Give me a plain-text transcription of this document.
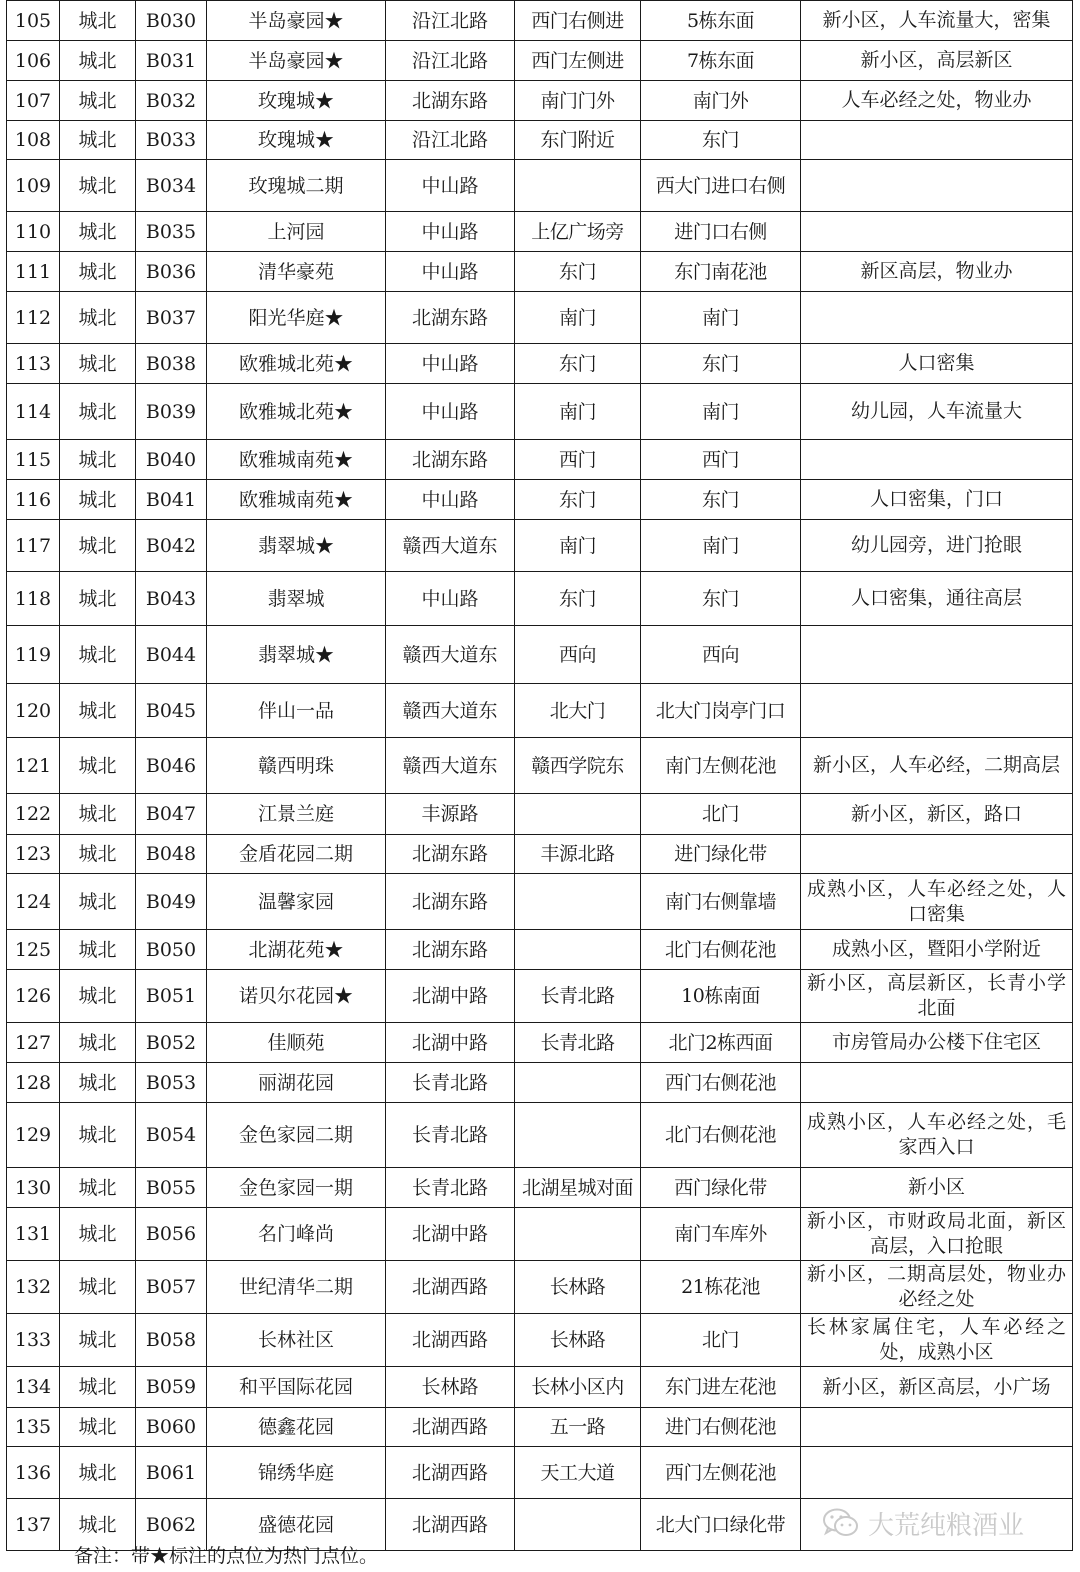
105	城北	B030	半岛豪园★	沿江北路	西门右侧进	5栋东面	新小区，人车流量大，密集
106	城北	B031	半岛豪园★	沿江北路	西门左侧进	7栋东面	新小区，高层新区
107	城北	B032	玫瑰城★	北湖东路	南门门外	南门外	人车必经之处，物业办
108	城北	B033	玫瑰城★	沿江北路	东门附近	东门	
109	城北	B034	玫瑰城二期	中山路		西大门进口右侧	
110	城北	B035	上河园	中山路	上亿广场旁	进门口右侧	
111	城北	B036	清华豪苑	中山路	东门	东门南花池	新区高层，物业办
112	城北	B037	阳光华庭★	北湖东路	南门	南门	
113	城北	B038	欧雅城北苑★	中山路	东门	东门	人口密集
114	城北	B039	欧雅城北苑★	中山路	南门	南门	幼儿园，人车流量大
115	城北	B040	欧雅城南苑★	北湖东路	西门	西门	
116	城北	B041	欧雅城南苑★	中山路	东门	东门	人口密集，门口
117	城北	B042	翡翠城★	赣西大道东	南门	南门	幼儿园旁，进门抢眼
118	城北	B043	翡翠城	中山路	东门	东门	人口密集，通往高层
119	城北	B044	翡翠城★	赣西大道东	西向	西向	
120	城北	B045	伴山一品	赣西大道东	北大门	北大门岗亭门口	
121	城北	B046	赣西明珠	赣西大道东	赣西学院东	南门左侧花池	新小区，人车必经，二期高层
122	城北	B047	江景兰庭	丰源路		北门	新小区，新区，路口
123	城北	B048	金盾花园二期	北湖东路	丰源北路	进门绿化带	
124	城北	B049	温馨家园	北湖东路		南门右侧靠墙	成熟小区，人车必经之处，人口密集
125	城北	B050	北湖花苑★	北湖东路		北门右侧花池	成熟小区，暨阳小学附近
126	城北	B051	诺贝尔花园★	北湖中路	长青北路	10栋南面	新小区，高层新区，长青小学北面
127	城北	B052	佳顺苑	北湖中路	长青北路	北门2栋西面	市房管局办公楼下住宅区
128	城北	B053	丽湖花园	长青北路		西门右侧花池	
129	城北	B054	金色家园二期	长青北路		北门右侧花池	成熟小区，人车必经之处，毛家西入口
130	城北	B055	金色家园一期	长青北路	北湖星城对面	西门绿化带	新小区
131	城北	B056	名门峰尚	北湖中路		南门车库外	新小区，市财政局北面，新区高层，入口抢眼
132	城北	B057	世纪清华二期	北湖西路	长林路	21栋花池	新小区，二期高层处，物业办必经之处
133	城北	B058	长林社区	北湖西路	长林路	北门	长林家属住宅，人车必经之处，成熟小区
134	城北	B059	和平国际花园	长林路	长林小区内	东门进左花池	新小区，新区高层，小广场
135	城北	B060	德鑫花园	北湖西路	五一路	进门右侧花池	
136	城北	B061	锦绣华庭	北湖西路	天工大道	西门左侧花池	
137	城北	B062	盛德花园	北湖西路		北大门口绿化带	
备注：带★标注的点位为热门点位。
大荒纯粮酒业
